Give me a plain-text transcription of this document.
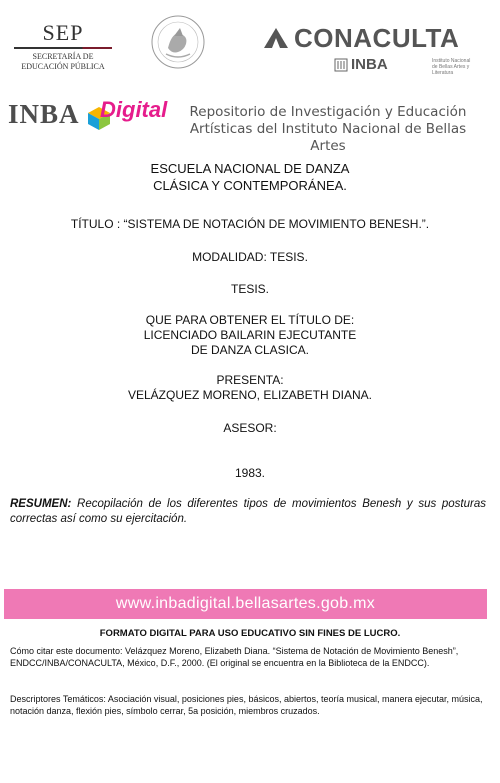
SEP
SECRETARÍA DE
EDUCACIÓN PÚBLICA
CONACULTA
INBA	Instituto Nacional de Bellas Artes y Literatura
INBA Digital	Repositorio de Investigación y Educación Artísticas del Instituto Nacional de Bellas Artes
ESCUELA NACIONAL DE DANZA CLÁSICA Y CONTEMPORÁNEA.
TÍTULO : “SISTEMA DE NOTACIÓN DE MOVIMIENTO BENESH.”.
MODALIDAD: TESIS.
TESIS.
QUE PARA OBTENER EL TÍTULO DE: LICENCIADO BAILARIN EJECUTANTE DE DANZA CLASICA.
PRESENTA:
VELÁZQUEZ MORENO, ELIZABETH DIANA.
ASESOR:
1983.
RESUMEN: Recopilación de los diferentes tipos de movimientos Benesh y sus posturas correctas así como su ejercitación.
www.inbadigital.bellasartes.gob.mx
FORMATO DIGITAL PARA USO EDUCATIVO SIN FINES DE LUCRO.
Cómo citar este documento: Velázquez Moreno, Elizabeth Diana. “Sistema de Notación de Movimiento Benesh”, ENDCC/INBA/CONACULTA, México, D.F., 2000. (El original se encuentra en la Biblioteca de la ENDCC).
Descriptores Temáticos: Asociación visual, posiciones pies, básicos, abiertos, teoría musical, manera ejecutar, música, notación danza, flexión pies, símbolo cerrar, 5a posición, miembros cruzados.
